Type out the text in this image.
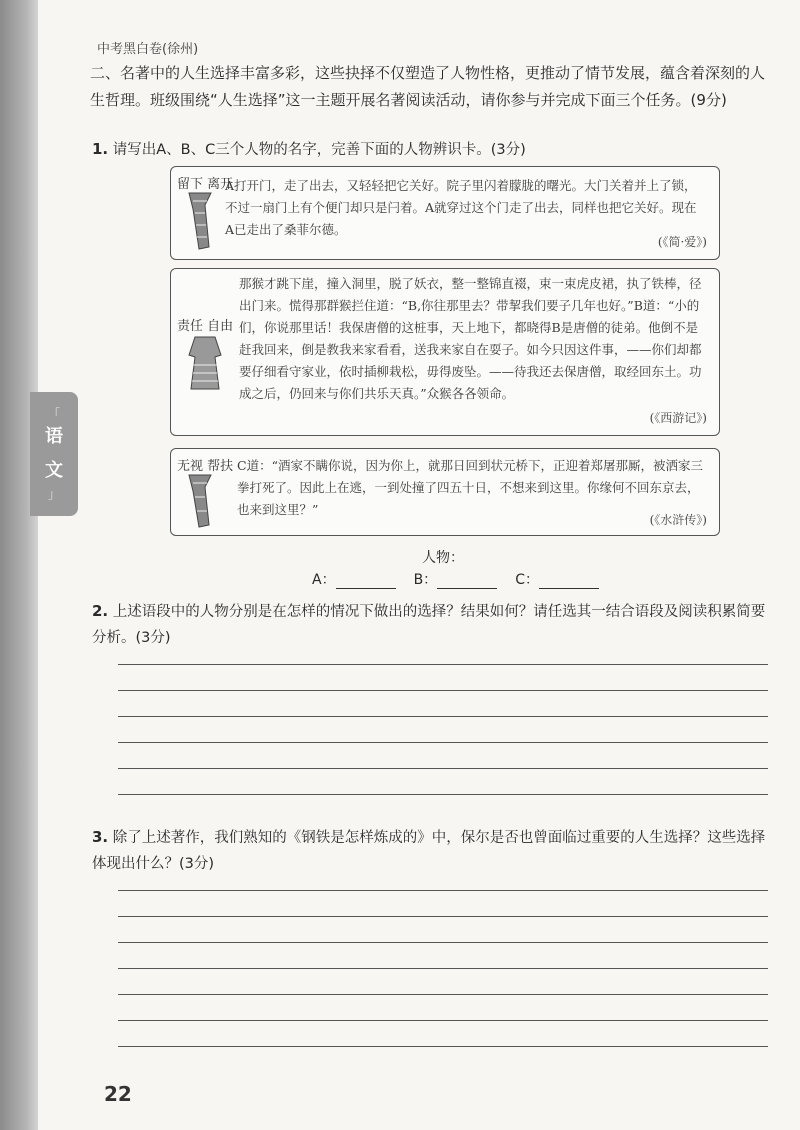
「
语
文
」
中考黑白卷(徐州)
二、名著中的人生选择丰富多彩，这些抉择不仅塑造了人物性格，更推动了情节发展，蕴含着深刻的人生哲理。班级围绕“人生选择”这一主题开展名著阅读活动，请你参与并完成下面三个任务。(9分)
1. 请写出A、B、C三个人物的名字，完善下面的人物辨识卡。(3分)
留下 离开
A打开门，走了出去，又轻轻把它关好。院子里闪着朦胧的曙光。大门关着并上了锁，不过一扇门上有个便门却只是闩着。A就穿过这个门走了出去，同样也把它关好。现在A已走出了桑菲尔德。
(《简·爱》)
责任 自由
那猴才跳下崖，撞入洞里，脱了妖衣，整一整锦直裰，束一束虎皮裙，执了铁棒，径出门来。慌得那群猴拦住道：“B,你往那里去？带挈我们要子几年也好。”B道：“小的们，你说那里话！我保唐僧的这桩事，天上地下，都晓得B是唐僧的徒弟。他倒不是赶我回来，倒是教我来家看看，送我来家自在耍子。如今只因这件事，——你们却都要仔细看守家业，依时插柳栽松，毋得废坠。——待我还去保唐僧，取经回东土。功成之后，仍回来与你们共乐天真。”众猴各各领命。
(《西游记》)
无视 帮扶 C道：“酒家不瞒你说，因为你上，就那日回到状元桥下，正迎着郑屠那厮，被洒家三拳打死了。因此上在逃，一到处撞了四五十日，不想来到这里。你缘何不回东京去，也来到这里？”
(《水浒传》)
人物：
A：	B：	C：
2. 上述语段中的人物分别是在怎样的情况下做出的选择？结果如何？请任选其一结合语段及阅读积累简要分析。(3分)
3. 除了上述著作，我们熟知的《钢铁是怎样炼成的》中，保尔是否也曾面临过重要的人生选择？这些选择体现出什么？(3分)
22
